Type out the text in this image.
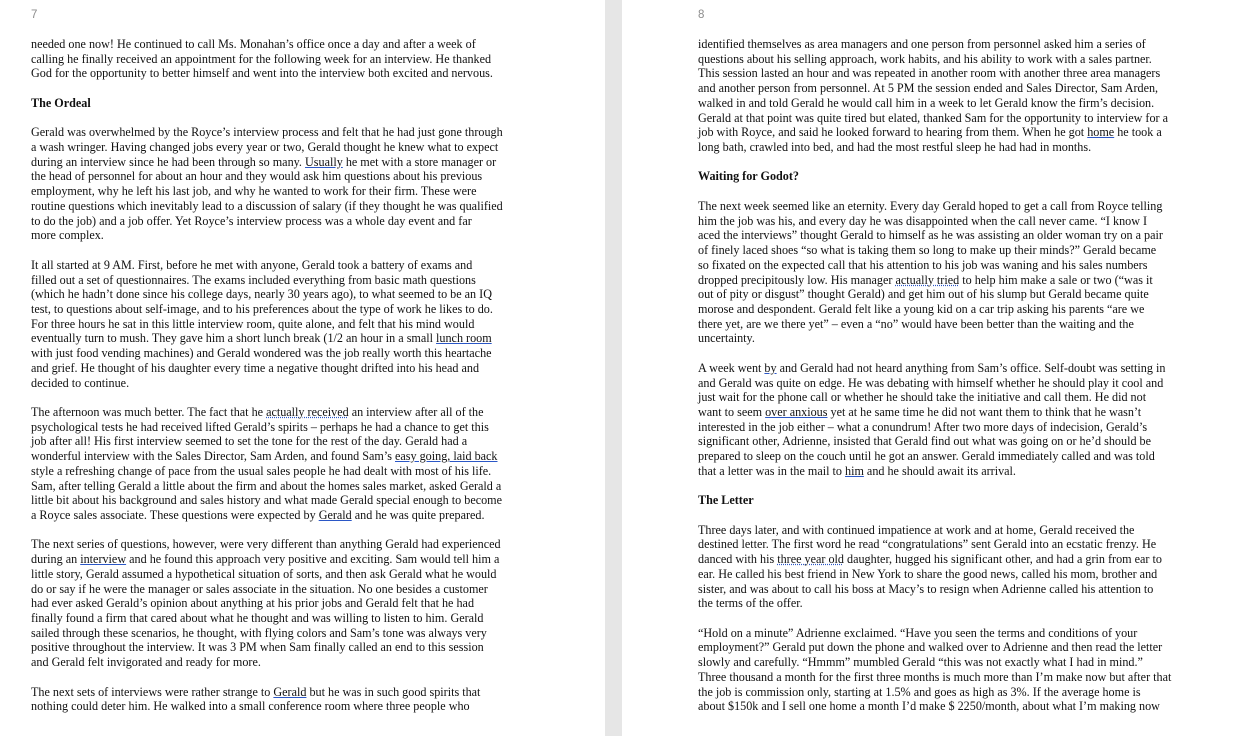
7
needed one now! He continued to call Ms. Monahan’s office once a day and after a week of
calling he finally received an appointment for the following week for an interview. He thanked
God for the opportunity to better himself and went into the interview both excited and nervous.
The Ordeal
Gerald was overwhelmed by the Royce’s interview process and felt that he had just gone through
a wash wringer. Having changed jobs every year or two, Gerald thought he knew what to expect
during an interview since he had been through so many. Usually he met with a store manager or
the head of personnel for about an hour and they would ask him questions about his previous
employment, why he left his last job, and why he wanted to work for their firm. These were
routine questions which inevitably lead to a discussion of salary (if they thought he was qualified
to do the job) and a job offer. Yet Royce’s interview process was a whole day event and far
more complex.
It all started at 9 AM. First, before he met with anyone, Gerald took a battery of exams and
filled out a set of questionnaires. The exams included everything from basic math questions
(which he hadn’t done since his college days, nearly 30 years ago), to what seemed to be an IQ
test, to questions about self-image, and to his preferences about the type of work he likes to do.
For three hours he sat in this little interview room, quite alone, and felt that his mind would
eventually turn to mush. They gave him a short lunch break (1/2 an hour in a small lunch room
with just food vending machines) and Gerald wondered was the job really worth this heartache
and grief. He thought of his daughter every time a negative thought drifted into his head and
decided to continue.
The afternoon was much better. The fact that he actually received an interview after all of the
psychological tests he had received lifted Gerald’s spirits – perhaps he had a chance to get this
job after all! His first interview seemed to set the tone for the rest of the day. Gerald had a
wonderful interview with the Sales Director, Sam Arden, and found Sam’s easy going, laid back
style a refreshing change of pace from the usual sales people he had dealt with most of his life.
Sam, after telling Gerald a little about the firm and about the homes sales market, asked Gerald a
little bit about his background and sales history and what made Gerald special enough to become
a Royce sales associate. These questions were expected by Gerald and he was quite prepared.
The next series of questions, however, were very different than anything Gerald had experienced
during an interview and he found this approach very positive and exciting. Sam would tell him a
little story, Gerald assumed a hypothetical situation of sorts, and then ask Gerald what he would
do or say if he were the manager or sales associate in the situation. No one besides a customer
had ever asked Gerald’s opinion about anything at his prior jobs and Gerald felt that he had
finally found a firm that cared about what he thought and was willing to listen to him. Gerald
sailed through these scenarios, he thought, with flying colors and Sam’s tone was always very
positive throughout the interview. It was 3 PM when Sam finally called an end to this session
and Gerald felt invigorated and ready for more.
The next sets of interviews were rather strange to Gerald but he was in such good spirits that
nothing could deter him. He walked into a small conference room where three people who
8
identified themselves as area managers and one person from personnel asked him a series of
questions about his selling approach, work habits, and his ability to work with a sales partner.
This session lasted an hour and was repeated in another room with another three area managers
and another person from personnel. At 5 PM the session ended and Sales Director, Sam Arden,
walked in and told Gerald he would call him in a week to let Gerald know the firm’s decision.
Gerald at that point was quite tired but elated, thanked Sam for the opportunity to interview for a
job with Royce, and said he looked forward to hearing from them. When he got home he took a
long bath, crawled into bed, and had the most restful sleep he had had in months.
Waiting for Godot?
The next week seemed like an eternity. Every day Gerald hoped to get a call from Royce telling
him the job was his, and every day he was disappointed when the call never came. “I know I
aced the interviews” thought Gerald to himself as he was assisting an older woman try on a pair
of finely laced shoes “so what is taking them so long to make up their minds?” Gerald became
so fixated on the expected call that his attention to his job was waning and his sales numbers
dropped precipitously low. His manager actually tried to help him make a sale or two (“was it
out of pity or disgust” thought Gerald) and get him out of his slump but Gerald became quite
morose and despondent. Gerald felt like a young kid on a car trip asking his parents “are we
there yet, are we there yet” – even a “no” would have been better than the waiting and the
uncertainty.
A week went by and Gerald had not heard anything from Sam’s office. Self-doubt was setting in
and Gerald was quite on edge. He was debating with himself whether he should play it cool and
just wait for the phone call or whether he should take the initiative and call them. He did not
want to seem over anxious yet at he same time he did not want them to think that he wasn’t
interested in the job either – what a conundrum! After two more days of indecision, Gerald’s
significant other, Adrienne, insisted that Gerald find out what was going on or he’d should be
prepared to sleep on the couch until he got an answer. Gerald immediately called and was told
that a letter was in the mail to him and he should await its arrival.
The Letter
Three days later, and with continued impatience at work and at home, Gerald received the
destined letter. The first word he read “congratulations” sent Gerald into an ecstatic frenzy. He
danced with his three year old daughter, hugged his significant other, and had a grin from ear to
ear. He called his best friend in New York to share the good news, called his mom, brother and
sister, and was about to call his boss at Macy’s to resign when Adrienne called his attention to
the terms of the offer.
“Hold on a minute” Adrienne exclaimed. “Have you seen the terms and conditions of your
employment?” Gerald put down the phone and walked over to Adrienne and then read the letter
slowly and carefully. “Hmmm” mumbled Gerald “this was not exactly what I had in mind.”
Three thousand a month for the first three months is much more than I’m make now but after that
the job is commission only, starting at 1.5% and goes as high as 3%. If the average home is
about $150k and I sell one home a month I’d make $ 2250/month, about what I’m making now
